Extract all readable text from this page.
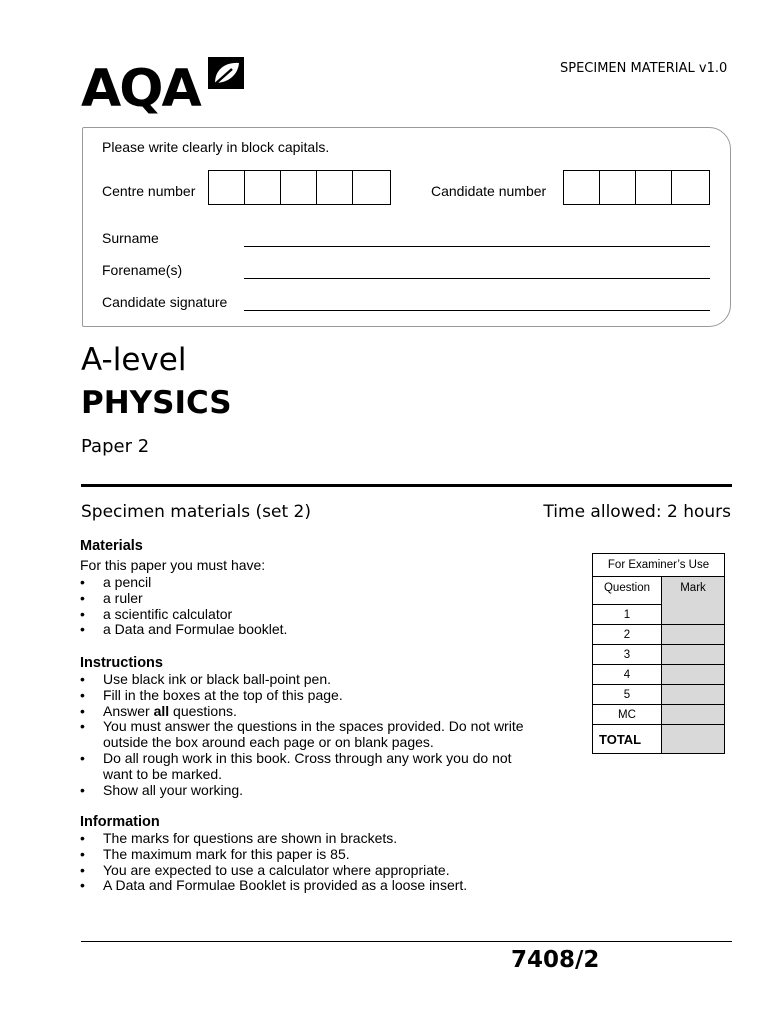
AQA	SPECIMEN MATERIAL v1.0
Please write clearly in block capitals.
Centre number	Candidate number
Surname
Forename(s)
Candidate signature
A-level
PHYSICS
Paper 2
Specimen materials (set 2)	Time allowed: 2 hours
Materials
For this paper you must have:
• a pencil
• a ruler
• a scientific calculator
• a Data and Formulae booklet.
Instructions
• Use black ink or black ball-point pen.
• Fill in the boxes at the top of this page.
• Answer all questions.
• You must answer the questions in the spaces provided. Do not write outside the box around each page or on blank pages.
• Do all rough work in this book. Cross through any work you do not want to be marked.
• Show all your working.
Information
• The marks for questions are shown in brackets.
• The maximum mark for this paper is 85.
• You are expected to use a calculator where appropriate.
• A Data and Formulae Booklet is provided as a loose insert.
For Examiner’s Use	
Question	Mark
1	
2	
3	
4	
5	
MC	
TOTAL	
7408/2
